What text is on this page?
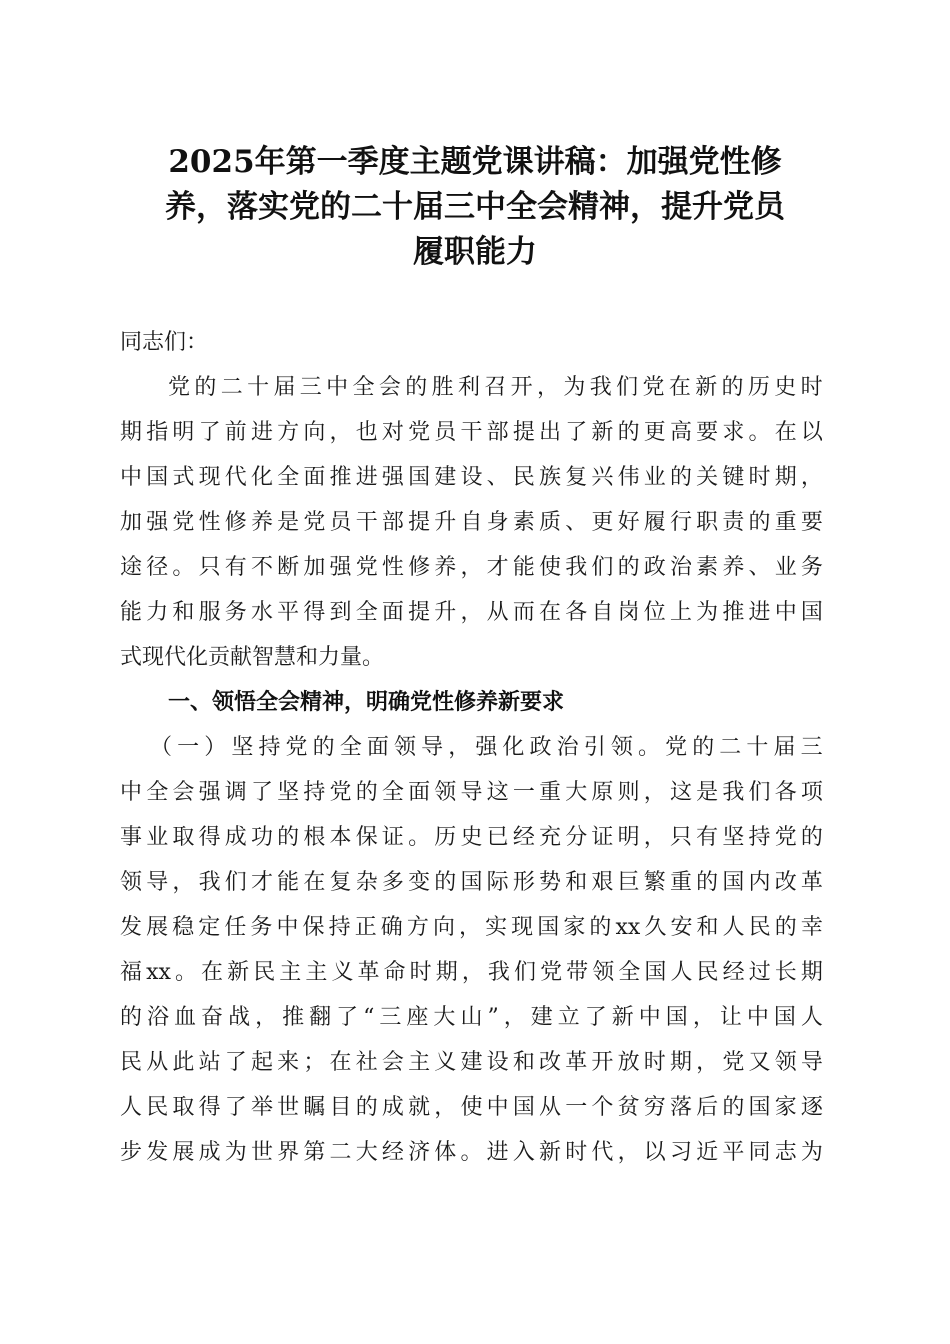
2025年第一季度主题党课讲稿：加强党性修
养，落实党的二十届三中全会精神，提升党员
履职能力

同志们：

党 的 二 十 届 三 中 全 会 的 胜 利 召 开 ， 为 我 们 党 在 新 的 历 史 时
期 指 明 了 前 进 方 向 ， 也 对 党 员 干 部 提 出 了 新 的 更 高 要 求 。 在 以
中 国 式 现 代 化 全 面 推 进 强 国 建 设 、 民 族 复 兴 伟 业 的 关 键 时 期 ，
加 强 党 性 修 养 是 党 员 干 部 提 升 自 身 素 质 、 更 好 履 行 职 责 的 重 要
途 径 。 只 有 不 断 加 强 党 性 修 养 ， 才 能 使 我 们 的 政 治 素 养 、 业 务
能 力 和 服 务 水 平 得 到 全 面 提 升 ， 从 而 在 各 自 岗 位 上 为 推 进 中 国
式现代化贡献智慧和力量。
一、领悟全会精神，明确党性修养新要求
（ 一 ） 坚 持 党 的 全 面 领 导 ， 强 化 政 治 引 领 。 党 的 二 十 届 三
中 全 会 强 调 了 坚 持 党 的 全 面 领 导 这 一 重 大 原 则 ， 这 是 我 们 各 项
事 业 取 得 成 功 的 根 本 保 证 。 历 史 已 经 充 分 证 明 ， 只 有 坚 持 党 的
领 导 ， 我 们 才 能 在 复 杂 多 变 的 国 际 形 势 和 艰 巨 繁 重 的 国 内 改 革
发 展 稳 定 任 务 中 保 持 正 确 方 向 ， 实 现 国 家 的 xx 久 安 和 人 民 的 幸
福 xx 。 在 新 民 主 主 义 革 命 时 期 ， 我 们 党 带 领 全 国 人 民 经 过 长 期
的 浴 血 奋 战 ， 推 翻 了 “ 三 座 大 山 ” ， 建 立 了 新 中 国 ， 让 中 国 人
民 从 此 站 了 起 来 ； 在 社 会 主 义 建 设 和 改 革 开 放 时 期 ， 党 又 领 导
人 民 取 得 了 举 世 瞩 目 的 成 就 ， 使 中 国 从 一 个 贫 穷 落 后 的 国 家 逐
步 发 展 成 为 世 界 第 二 大 经 济 体 。 进 入 新 时 代 ， 以 习 近 平 同 志 为
